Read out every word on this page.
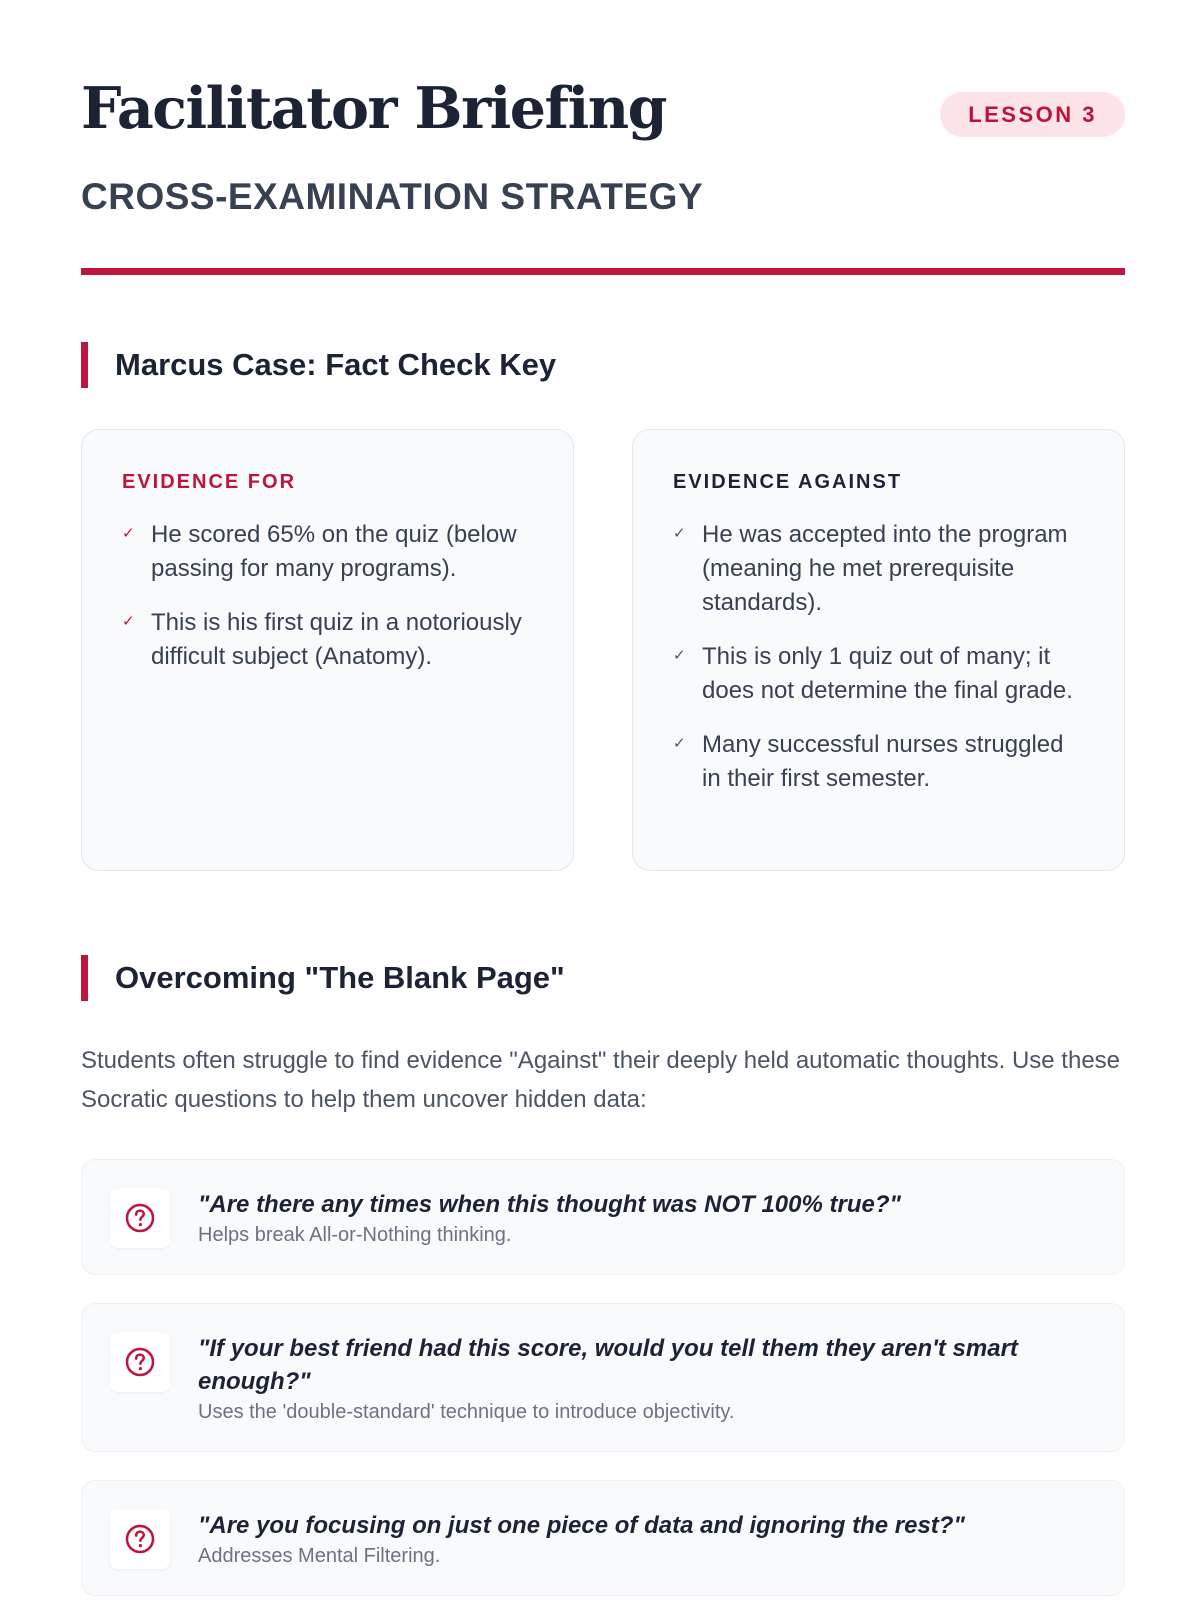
Facilitator Briefing	LESSON 3
CROSS-EXAMINATION STRATEGY
Marcus Case: Fact Check Key
EVIDENCE FOR
✓ He scored 65% on the quiz (below passing for many programs).
✓ This is his first quiz in a notoriously difficult subject (Anatomy).
EVIDENCE AGAINST
✓ He was accepted into the program (meaning he met prerequisite standards).
✓ This is only 1 quiz out of many; it does not determine the final grade.
✓ Many successful nurses struggled in their first semester.
Overcoming "The Blank Page"

Students often struggle to find evidence "Against" their deeply held automatic thoughts. Use these Socratic questions to help them uncover hidden data:

"Are there any times when this thought was NOT 100% true?"
Helps break All-or-Nothing thinking.
"If your best friend had this score, would you tell them they aren't smart enough?"
Uses the 'double-standard' technique to introduce objectivity.
"Are you focusing on just one piece of data and ignoring the rest?"
Addresses Mental Filtering.
